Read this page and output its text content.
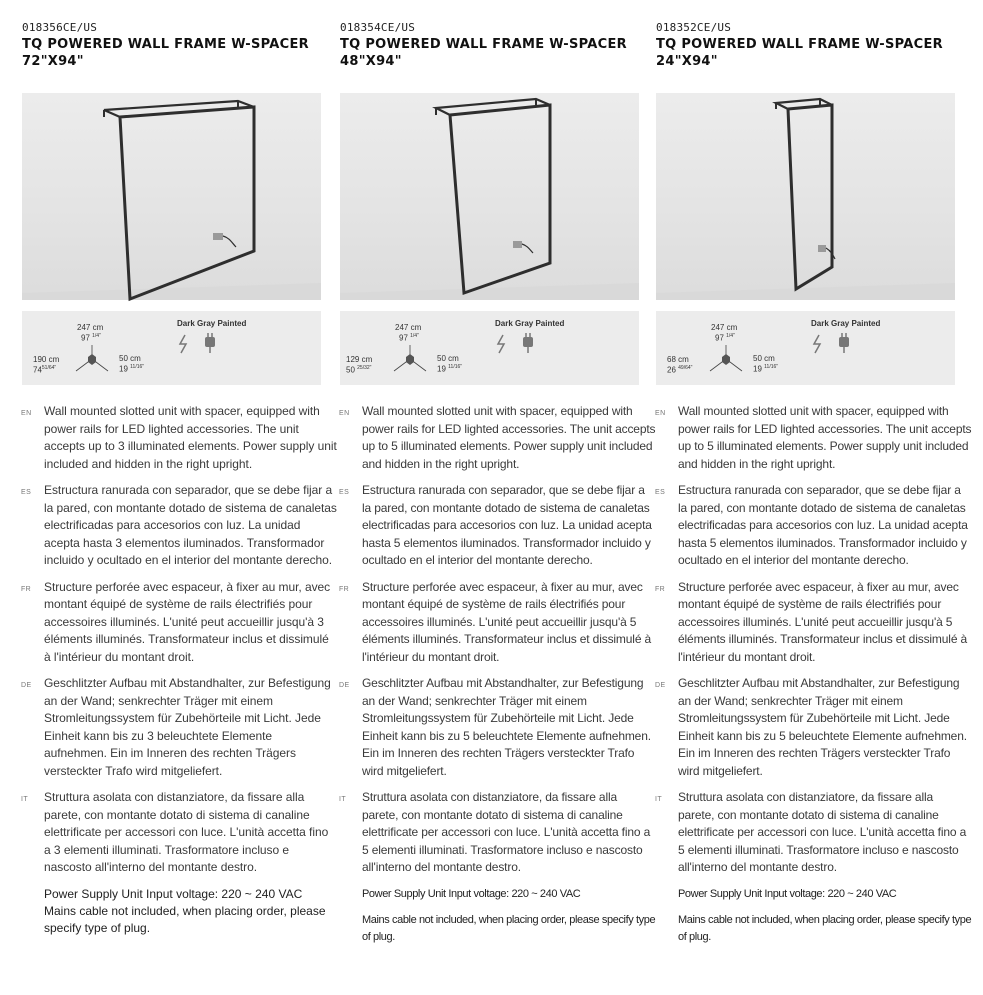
018356CE/US
TQ POWERED WALL FRAME W-SPACER
72"X94"
247 cm
97 $^{1/4"}$
190 cm
$74^{51/64"}$
50 cm
19 $^{11/16"}$
Dark Gray Painted
EN Wall mounted slotted unit with spacer, equipped with power rails for LED lighted accessories. The unit accepts up to 3 illuminated elements. Power supply unit included and hidden in the right upright.
ES Estructura ranurada con separador, que se debe fijar a la pared, con montante dotado de sistema de canaletas electrificadas para accesorios con luz. La unidad acepta hasta 3 elementos iluminados. Transformador incluido y ocultado en el interior del montante derecho.
FR Structure perforée avec espaceur, à fixer au mur, avec montant équipé de système de rails électrifiés pour accessoires illuminés. L'unité peut accueillir jusqu'à 3 éléments illuminés. Transformateur inclus et dissimulé à l'intérieur du montant droit.
DE Geschlitzter Aufbau mit Abstandhalter, zur Befestigung an der Wand; senkrechter Träger mit einem Stromleitungssystem für Zubehörteile mit Licht. Jede Einheit kann bis zu 3 beleuchtete Elemente aufnehmen. Ein im Inneren des rechten Trägers versteckter Trafo wird mitgeliefert.
IT Struttura asolata con distanziatore, da fissare alla parete, con montante dotato di sistema di canaline elettrificate per accessori con luce. L'unità accetta fino a 3 elementi illuminati. Trasformatore incluso e nascosto all'interno del montante destro.
Power Supply Unit Input voltage: 220 ~ 240 VAC
Mains cable not included, when placing order, please specify type of plug.
018354CE/US
TQ POWERED WALL FRAME W-SPACER
48"X94"
247 cm
97 $^{1/4"}$
129 cm
50 $^{25/32"}$
50 cm
19 $^{11/16"}$
Dark Gray Painted
EN Wall mounted slotted unit with spacer, equipped with power rails for LED lighted accessories. The unit accepts up to 5 illuminated elements. Power supply unit included and hidden in the right upright.
ES Estructura ranurada con separador, que se debe fijar a la pared, con montante dotado de sistema de canaletas electrificadas para accesorios con luz. La unidad acepta hasta 5 elementos iluminados. Transformador incluido y ocultado en el interior del montante derecho.
FR Structure perforée avec espaceur, à fixer au mur, avec montant équipé de système de rails électrifiés pour accessoires illuminés. L'unité peut accueillir jusqu'à 5 éléments illuminés. Transformateur inclus et dissimulé à l'intérieur du montant droit.
DE Geschlitzter Aufbau mit Abstandhalter, zur Befestigung an der Wand; senkrechter Träger mit einem Stromleitungssystem für Zubehörteile mit Licht. Jede Einheit kann bis zu 5 beleuchtete Elemente aufnehmen. Ein im Inneren des rechten Trägers versteckter Trafo wird mitgeliefert.
IT Struttura asolata con distanziatore, da fissare alla parete, con montante dotato di sistema di canaline elettrificate per accessori con luce. L'unità accetta fino a 5 elementi illuminati. Trasformatore incluso e nascosto all'interno del montante destro.
Power Supply Unit Input voltage: 220 ~ 240 VAC
Mains cable not included, when placing order, please specify type of plug.
018352CE/US
TQ POWERED WALL FRAME W-SPACER
24"X94"
247 cm
97 $^{1/4"}$
68 cm
26 $^{49/64"}$
50 cm
19 $^{11/16"}$
Dark Gray Painted
EN Wall mounted slotted unit with spacer, equipped with power rails for LED lighted accessories. The unit accepts up to 5 illuminated elements. Power supply unit included and hidden in the right upright.
ES Estructura ranurada con separador, que se debe fijar a la pared, con montante dotado de sistema de canaletas electrificadas para accesorios con luz. La unidad acepta hasta 5 elementos iluminados. Transformador incluido y ocultado en el interior del montante derecho.
FR Structure perforée avec espaceur, à fixer au mur, avec montant équipé de système de rails électrifiés pour accessoires illuminés. L'unité peut accueillir jusqu'à 5 éléments illuminés. Transformateur inclus et dissimulé à l'intérieur du montant droit.
DE Geschlitzter Aufbau mit Abstandhalter, zur Befestigung an der Wand; senkrechter Träger mit einem Stromleitungssystem für Zubehörteile mit Licht. Jede Einheit kann bis zu 5 beleuchtete Elemente aufnehmen. Ein im Inneren des rechten Trägers versteckter Trafo wird mitgeliefert.
IT Struttura asolata con distanziatore, da fissare alla parete, con montante dotato di sistema di canaline elettrificate per accessori con luce. L'unità accetta fino a 5 elementi illuminati. Trasformatore incluso e nascosto all'interno del montante destro.
Power Supply Unit Input voltage: 220 ~ 240 VAC
Mains cable not included, when placing order, please specify type of plug.
